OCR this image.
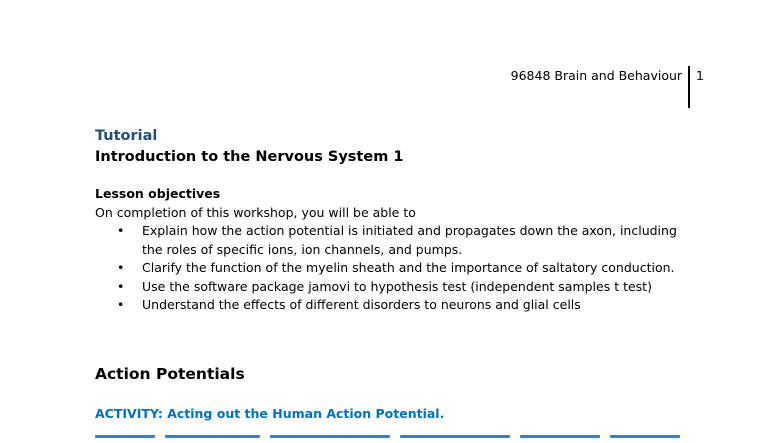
96848 Brain and Behaviour	1
Tutorial
Introduction to the Nervous System 1
Lesson objectives
On completion of this workshop, you will be able to
• Explain how the action potential is initiated and propagates down the axon, including the roles of specific ions, ion channels, and pumps.
• Clarify the function of the myelin sheath and the importance of saltatory conduction.
• Use the software package jamovi to hypothesis test (independent samples t test)
• Understand the effects of different disorders to neurons and glial cells
Action Potentials
ACTIVITY: Acting out the Human Action Potential.
